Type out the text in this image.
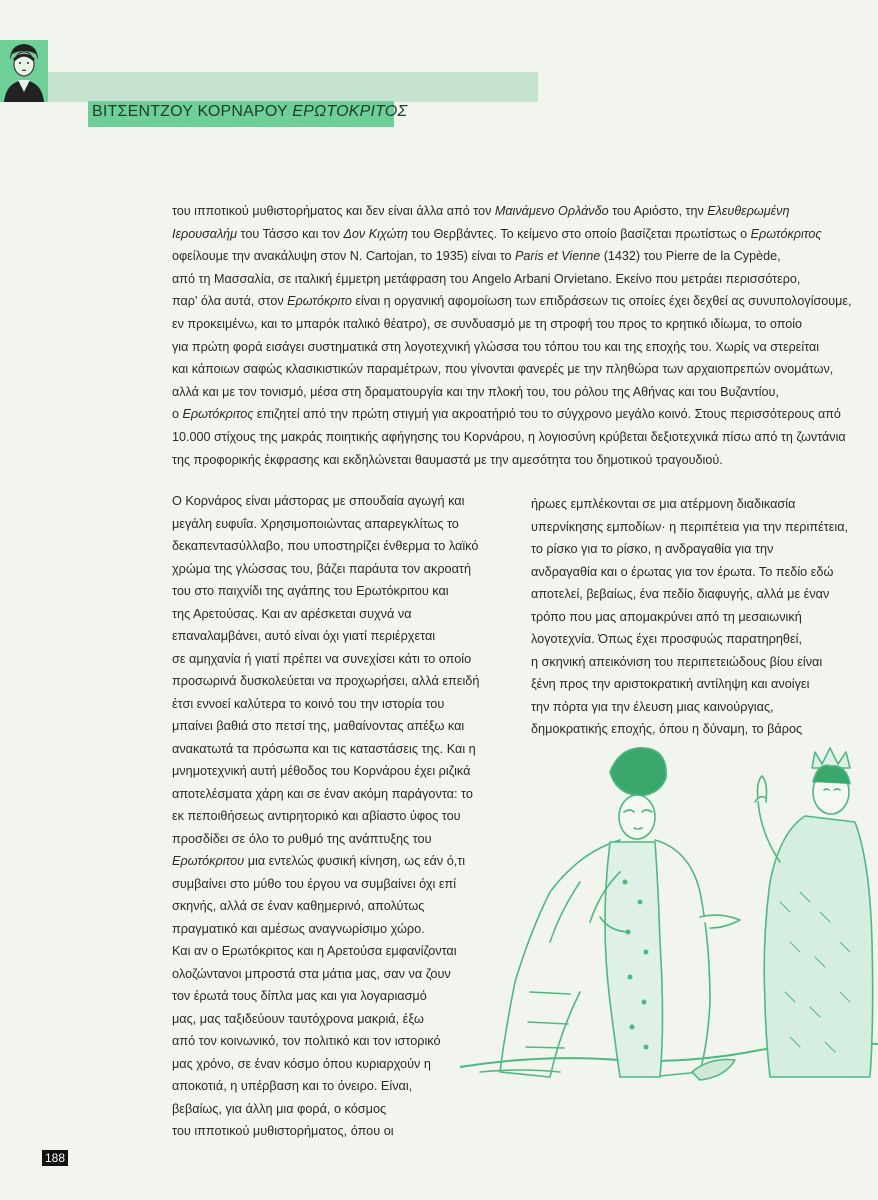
ΒΙΤΣΕΝΤΖΟΥ ΚΟΡΝΑΡΟΥ ΕΡΩΤΟΚΡΙΤΟΣ
του ιπποτικού μυθιστορήματος και δεν είναι άλλα από τον Μαινάμενο Ορλάνδο του Αριόστο, την Ελευθερωμένη
Ιερουσαλήμ του Τάσσο και τον Δον Κιχώτη του Θερβάντες. Το κείμενο στο οποίο βασίζεται πρωτίστως ο Ερωτόκριτος
οφείλουμε την ανακάλυψη στον N. Cartojan, το 1935) είναι το Paris et Vienne (1432) του Pierre de la Cypède,
από τη Μασσαλία, σε ιταλική έμμετρη μετάφραση του Angelo Arbani Orvietano. Εκείνο που μετράει περισσότερο,
παρ' όλα αυτά, στον Ερωτόκριτο είναι η οργανική αφομοίωση των επιδράσεων τις οποίες έχει δεχθεί ας συνυπολογίσουμε,
εν προκειμένω, και το μπαρόκ ιταλικό θέατρο), σε συνδυασμό με τη στροφή του προς το κρητικό ιδίωμα, το οποίο
για πρώτη φορά εισάγει συστηματικά στη λογοτεχνική γλώσσα του τόπου του και της εποχής του. Χωρίς να στερείται
και κάποιων σαφώς κλασικιστικών παραμέτρων, που γίνονται φανερές με την πληθώρα των αρχαιοπρεπών ονομάτων,
αλλά και με τον τονισμό, μέσα στη δραματουργία και την πλοκή του, του ρόλου της Αθήνας και του Βυζαντίου,
ο Ερωτόκριτος επιζητεί από την πρώτη στιγμή για ακροατήριό του το σύγχρονο μεγάλο κοινό. Στους περισσότερους από
10.000 στίχους της μακράς ποιητικής αφήγησης του Κορνάρου, η λογιοσύνη κρύβεται δεξιοτεχνικά πίσω από τη ζωντάνια
της προφορικής έκφρασης και εκδηλώνεται θαυμαστά με την αμεσότητα του δημοτικού τραγουδιού.
Ο Κορνάρος είναι μάστορας με σπουδαία αγωγή και
μεγάλη ευφυΐα. Χρησιμοποιώντας απαρεγκλίτως το
δεκαπεντασύλλαβο, που υποστηρίζει ένθερμα το λαϊκό
χρώμα της γλώσσας του, βάζει παράυτα τον ακροατή
του στο παιχνίδι της αγάπης του Ερωτόκριτου και
της Αρετούσας. Και αν αρέσκεται συχνά να
επαναλαμβάνει, αυτό είναι όχι γιατί περιέρχεται
σε αμηχανία ή γιατί πρέπει να συνεχίσει κάτι το οποίο
προσωρινά δυσκολεύεται να προχωρήσει, αλλά επειδή
έτσι εννοεί καλύτερα το κοινό του την ιστορία του
μπαίνει βαθιά στο πετσί της, μαθαίνοντας απέξω και
ανακατωτά τα πρόσωπα και τις καταστάσεις της. Και η
μνημοτεχνική αυτή μέθοδος του Κορνάρου έχει ριζικά
αποτελέσματα χάρη και σε έναν ακόμη παράγοντα: το
εκ πεποιθήσεως αντιρητορικό και αβίαστο ύφος του
προσδίδει σε όλο το ρυθμό της ανάπτυξης του
Ερωτόκριτου μια εντελώς φυσική κίνηση, ως εάν ό,τι
συμβαίνει στο μύθο του έργου να συμβαίνει όχι επί
σκηνής, αλλά σε έναν καθημερινό, απολύτως
πραγματικό και αμέσως αναγνωρίσιμο χώρο.
Και αν ο Ερωτόκριτος και η Αρετούσα εμφανίζονται
ολοζώντανοι μπροστά στα μάτια μας, σαν να ζουν
τον έρωτά τους δίπλα μας και για λογαριασμό
μας, μας ταξιδεύουν ταυτόχρονα μακριά, έξω
από τον κοινωνικό, τον πολιτικό και τον ιστορικό
μας χρόνο, σε έναν κόσμο όπου κυριαρχούν η
αποκοτιά, η υπέρβαση και το όνειρο. Είναι,
βεβαίως, για άλλη μια φορά, ο κόσμος
του ιπποτικού μυθιστορήματος, όπου οι
ήρωες εμπλέκονται σε μια ατέρμονη διαδικασία
υπερνίκησης εμποδίων· η περιπέτεια για την περιπέτεια,
το ρίσκο για το ρίσκο, η ανδραγαθία για την
ανδραγαθία και ο έρωτας για τον έρωτα. Το πεδίο εδώ
αποτελεί, βεβαίως, ένα πεδίο διαφυγής, αλλά με έναν
τρόπο που μας απομακρύνει από τη μεσαιωνική
λογοτεχνία. Όπως έχει προσφυώς παρατηρηθεί,
η σκηνική απεικόνιση του περιπετειώδους βίου είναι
ξένη προς την αριστοκρατική αντίληψη και ανοίγει
την πόρτα για την έλευση μιας καινούργιας,
δημοκρατικής εποχής, όπου η δύναμη, το βάρος
188
